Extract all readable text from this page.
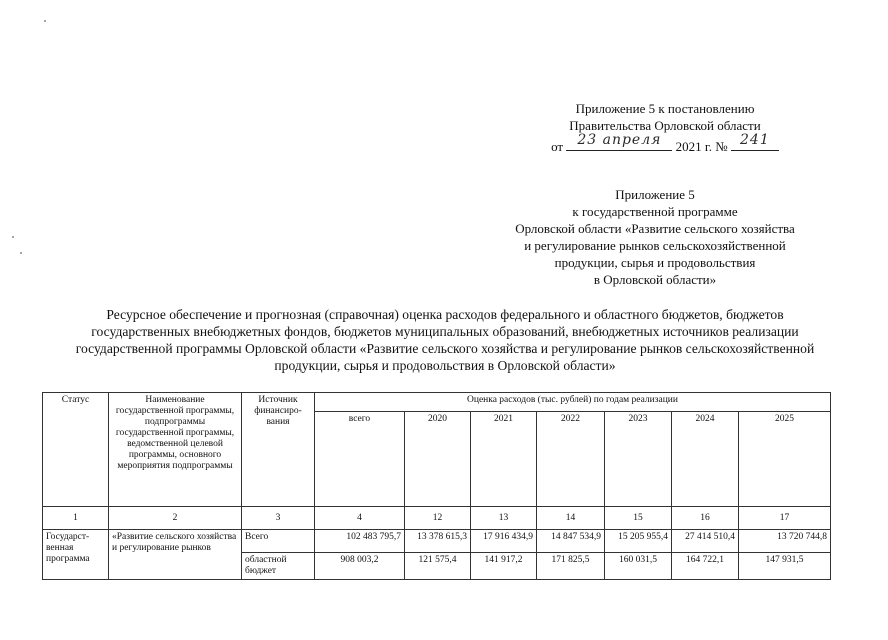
Приложение 5 к постановлению
Правительства Орловской области
от	23 апреля	2021 г. № 241
Приложение 5
к государственной программе
Орловской области «Развитие сельского хозяйства
и регулирование рынков сельскохозяйственной
продукции, сырья и продовольствия
в Орловской области»
Ресурсное обеспечение и прогнозная (справочная) оценка расходов федерального и областного бюджетов, бюджетов
государственных внебюджетных фондов, бюджетов муниципальных образований, внебюджетных источников реализации
государственной программы Орловской области «Развитие сельского хозяйства и регулирование рынков сельскохозяйственной
продукции, сырья и продовольствия в Орловской области»
Статус	Наименование государственной программы, подпрограммы государственной программы, ведомственной целевой программы, основного мероприятия подпрограммы	Источник финансиро-вания	Оценка расходов (тыс. рублей) по годам реализации						
			всего	2020	2021	2022	2023	2024	2025
1	2	3	4	12	13	14	15	16	17
Государст-венная программа	«Развитие сельского хозяйства и регулирование рынков	Всего	102 483 795,7	13 378 615,3	17 916 434,9	14 847 534,9	15 205 955,4	27 414 510,4	13 720 744,8
		областной бюджет	908 003,2	121 575,4	141 917,2	171 825,5	160 031,5	164 722,1	147 931,5
